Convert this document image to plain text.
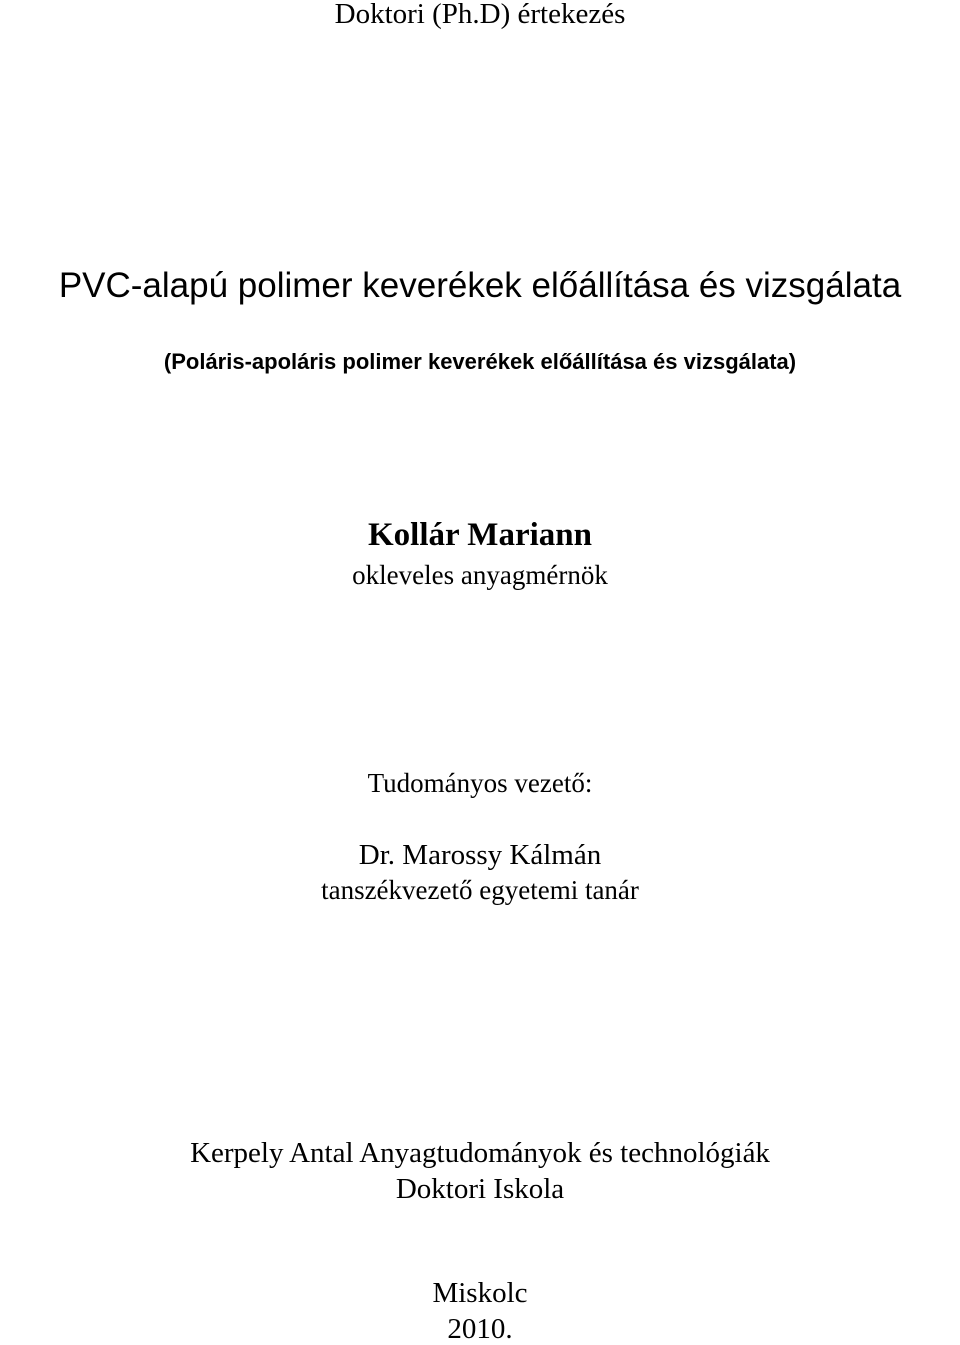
Doktori (Ph.D) értekezés
PVC-alapú polimer keverékek előállítása és vizsgálata
(Poláris-apoláris polimer keverékek előállítása és vizsgálata)
Kollár Mariann
okleveles anyagmérnök
Tudományos vezető:
Dr. Marossy Kálmán
tanszékvezető egyetemi tanár
Kerpely Antal Anyagtudományok és technológiák
Doktori Iskola
Miskolc
2010.
